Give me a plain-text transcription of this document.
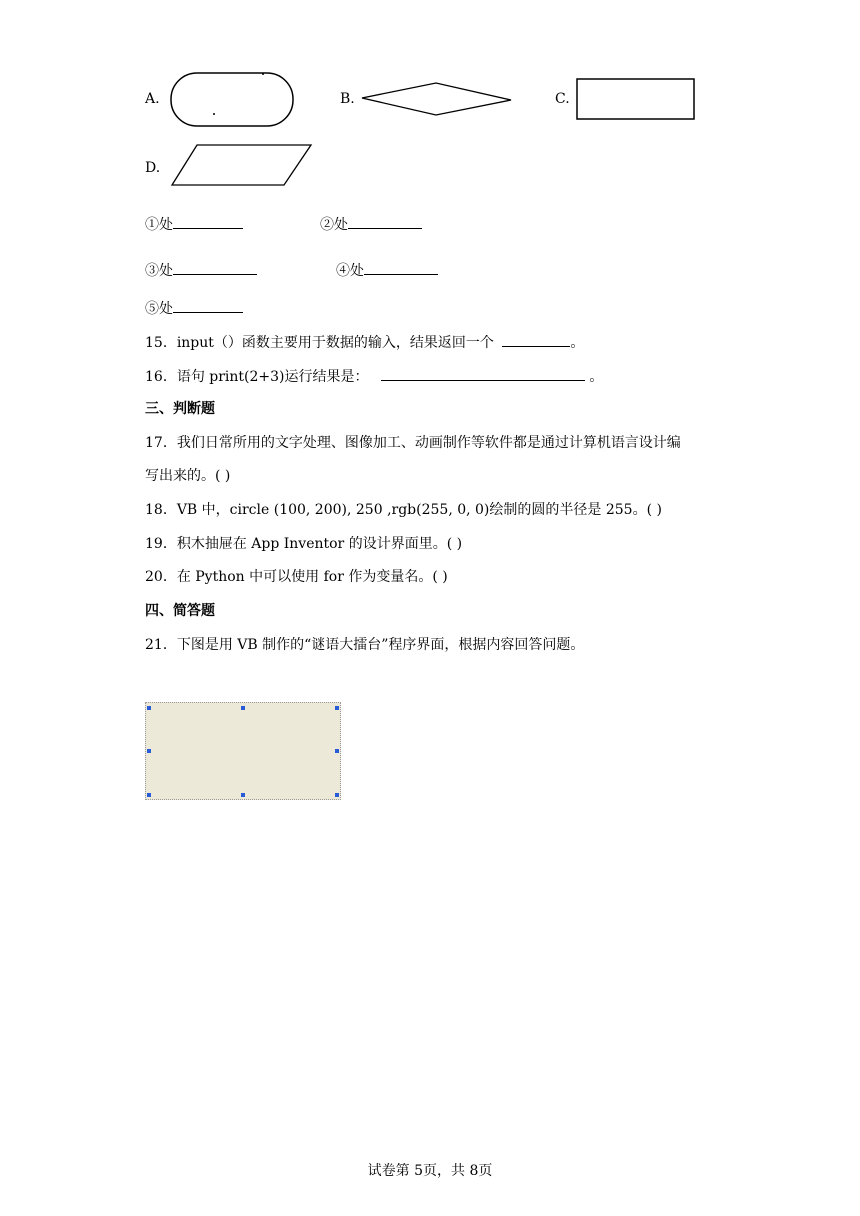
A.	B.	C.
D.
①处	②处
③处	④处
⑤处
15．input（）函数主要用于数据的输入，结果返回一个	。
16．语句 print(2+3)运行结果是：	。
三、判断题
17．我们日常所用的文字处理、图像加工、动画制作等软件都是通过计算机语言设计编
写出来的。( )
18．VB 中，circle (100, 200), 250 ,rgb(255, 0, 0)绘制的圆的半径是 255。( )
19．积木抽屉在 App Inventor 的设计界面里。( )
20．在 Python 中可以使用 for 作为变量名。( )
四、简答题
21．下图是用 VB 制作的“谜语大擂台”程序界面，根据内容回答问题。
试卷第 5页，共 8页
